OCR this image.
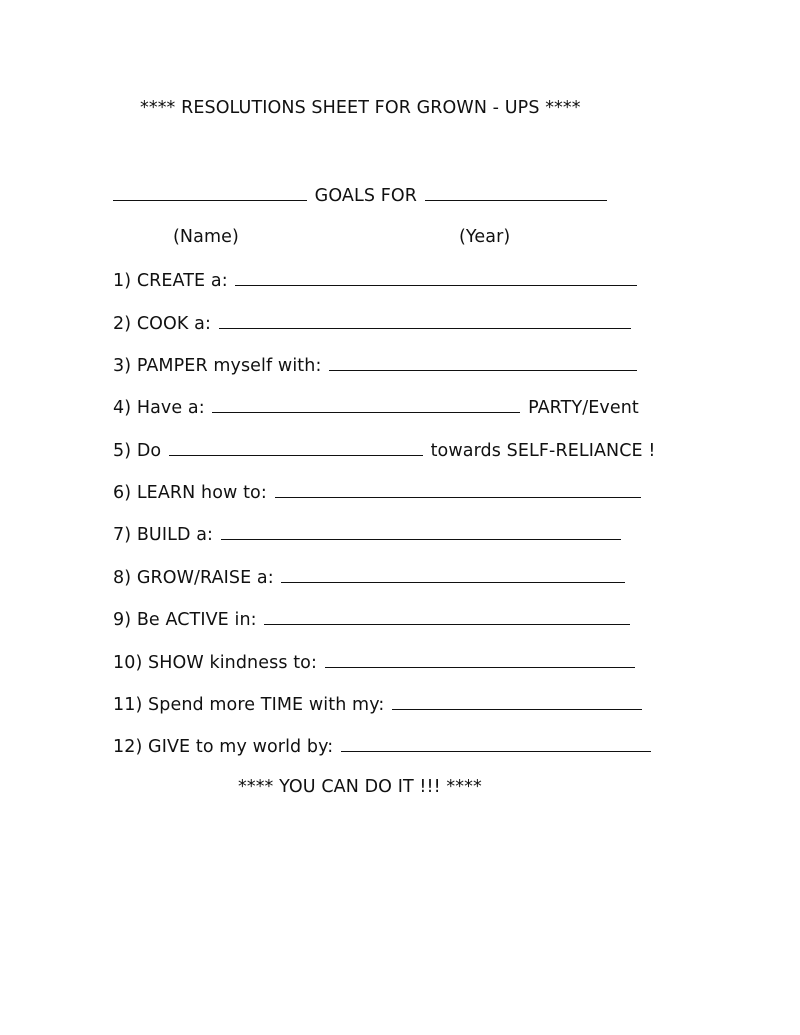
**** RESOLUTIONS SHEET FOR GROWN - UPS ****
GOALS FOR
(Name)	(Year)
1) CREATE a:
2) COOK a:
3) PAMPER myself with:
4) Have a:	PARTY/Event
5) Do	towards SELF-RELIANCE !
6) LEARN how to:
7) BUILD a:
8) GROW/RAISE a:
9) Be ACTIVE in:
10) SHOW kindness to:
11) Spend more TIME with my:
12) GIVE to my world by:
**** YOU CAN DO IT !!! ****
